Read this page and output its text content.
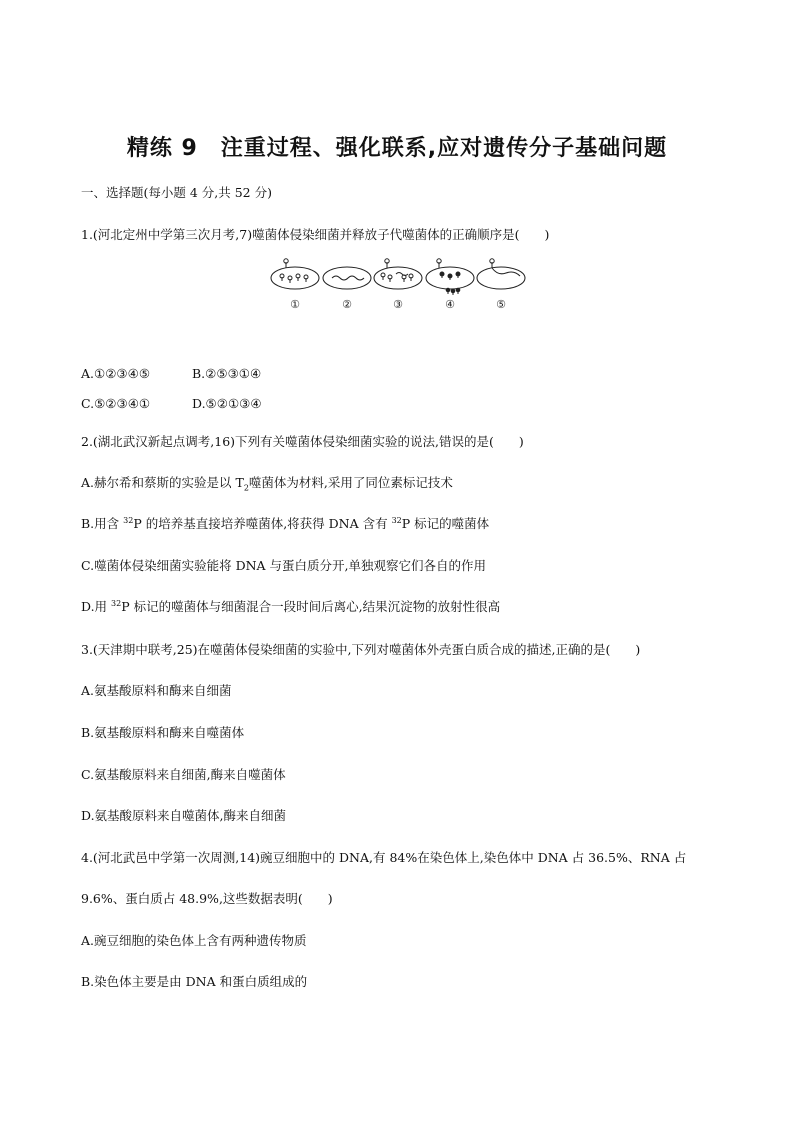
精练 9　注重过程、强化联系,应对遗传分子基础问题
一、选择题(每小题 4 分,共 52 分)
1.(河北定州中学第三次月考,7)噬菌体侵染细菌并释放子代噬菌体的正确顺序是(　　)
①	②	③	④	⑤
A.①②③④⑤	B.②⑤③①④
C.⑤②③④①	D.⑤②①③④
2.(湖北武汉新起点调考,16)下列有关噬菌体侵染细菌实验的说法,错误的是(　　)
A.赫尔希和蔡斯的实验是以 $T_2$噬菌体为材料,采用了同位素标记技术
B.用含 $^{32}$P 的培养基直接培养噬菌体,将获得 DNA 含有 $^{32}$P 标记的噬菌体
C.噬菌体侵染细菌实验能将 DNA 与蛋白质分开,单独观察它们各自的作用
D.用 $^{32}$P 标记的噬菌体与细菌混合一段时间后离心,结果沉淀物的放射性很高
3.(天津期中联考,25)在噬菌体侵染细菌的实验中,下列对噬菌体外壳蛋白质合成的描述,正确的是(　　)
A.氨基酸原料和酶来自细菌
B.氨基酸原料和酶来自噬菌体
C.氨基酸原料来自细菌,酶来自噬菌体
D.氨基酸原料来自噬菌体,酶来自细菌
4.(河北武邑中学第一次周测,14)豌豆细胞中的 DNA,有 84%在染色体上,染色体中 DNA 占 36.5%、RNA 占
9.6%、蛋白质占 48.9%,这些数据表明(　　)
A.豌豆细胞的染色体上含有两种遗传物质
B.染色体主要是由 DNA 和蛋白质组成的
